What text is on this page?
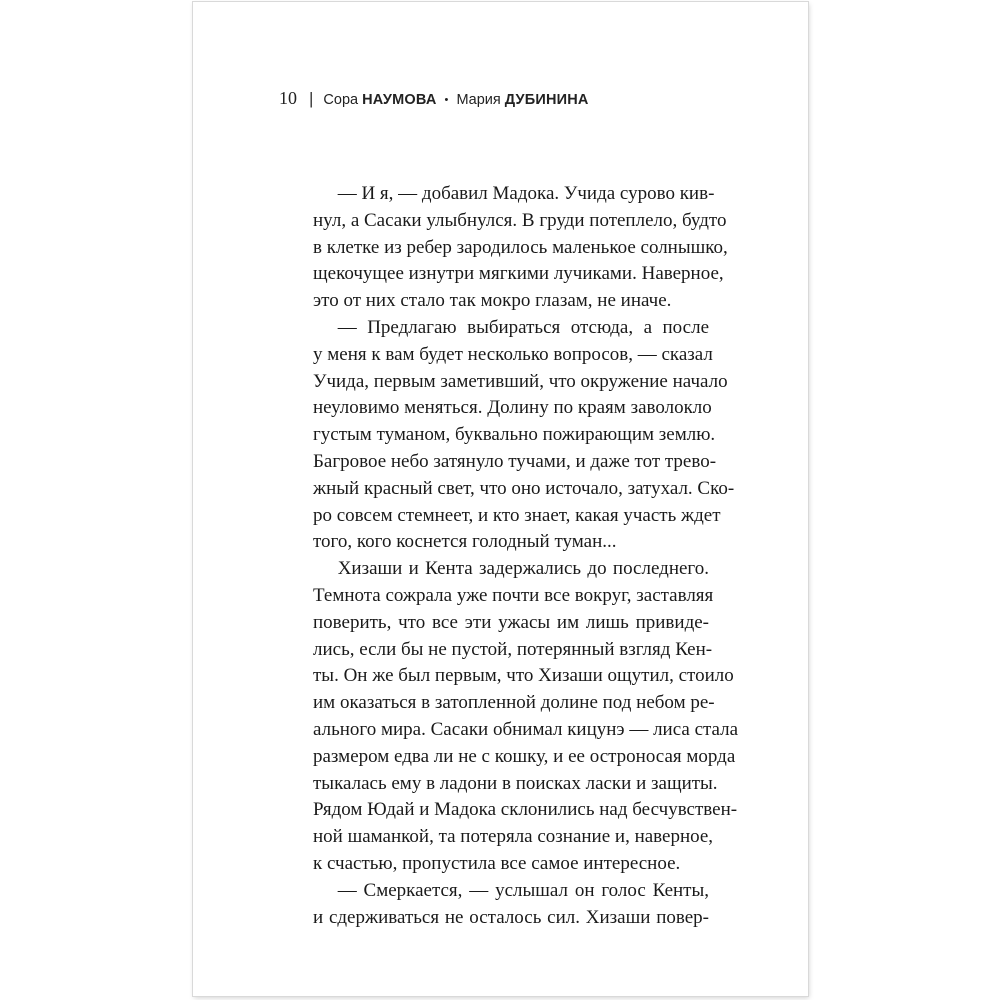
10 | Сора НАУМОВА • Мария ДУБИНИНА
— И я, — добавил Мадока. Учида сурово кив-
нул, а Сасаки улыбнулся. В груди потеплело, будто
в клетке из ребер зародилось маленькое солнышко,
щекочущее изнутри мягкими лучиками. Наверное,
это от них стало так мокро глазам, не иначе.
— Предлагаю выбираться отсюда, а после
у меня к вам будет несколько вопросов, — сказал
Учида, первым заметивший, что окружение начало
неуловимо меняться. Долину по краям заволокло
густым туманом, буквально пожирающим землю.
Багровое небо затянуло тучами, и даже тот трево-
жный красный свет, что оно источало, затухал. Ско-
ро совсем стемнеет, и кто знает, какая участь ждет
того, кого коснется голодный туман...
Хизаши и Кента задержались до последнего.
Темнота сожрала уже почти все вокруг, заставляя
поверить, что все эти ужасы им лишь привиде-
лись, если бы не пустой, потерянный взгляд Кен-
ты. Он же был первым, что Хизаши ощутил, стоило
им оказаться в затопленной долине под небом ре-
ального мира. Сасаки обнимал кицунэ — лиса стала
размером едва ли не с кошку, и ее остроносая морда
тыкалась ему в ладони в поисках ласки и защиты.
Рядом Юдай и Мадока склонились над бесчувствен-
ной шаманкой, та потеряла сознание и, наверное,
к счастью, пропустила все самое интересное.
— Смеркается, — услышал он голос Кенты,
и сдерживаться не осталось сил. Хизаши повер-
